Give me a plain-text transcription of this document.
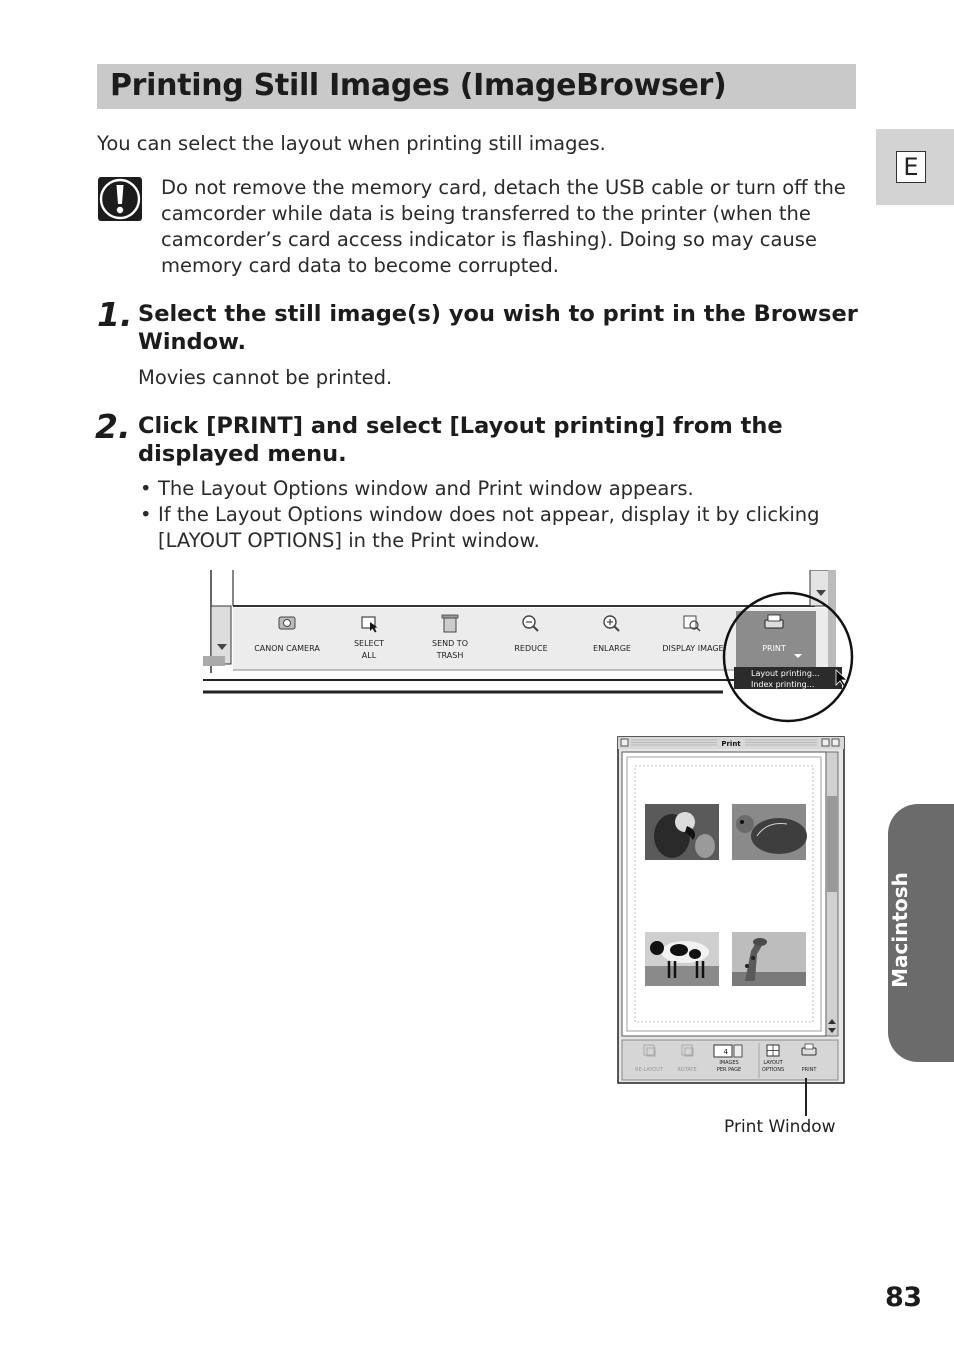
Printing Still Images (ImageBrowser)
E
Macintosh
You can select the layout when printing still images.
Do not remove the memory card, detach the USB cable or turn off the camcorder while data is being transferred to the printer (when the camcorder’s card access indicator is flashing). Doing so may cause memory card data to become corrupted.
1. Select the still image(s) you wish to print in the Browser Window.
Movies cannot be printed.
2. Click [PRINT] and select [Layout printing] from the displayed menu.
• The Layout Options window and Print window appears.
• If the Layout Options window does not appear, display it by clicking [LAYOUT OPTIONS] in the Print window.
CANON CAMERA
SELECT
ALL
SEND TO
TRASH
REDUCE	ENLARGE	DISPLAY IMAGE	PRINT
Layout printing...
Index printing...
Print
RE-LAYOUT	ROTATE
4
IMAGES
PER PAGE
LAYOUT
OPTIONS	PRINT
Print Window
83
